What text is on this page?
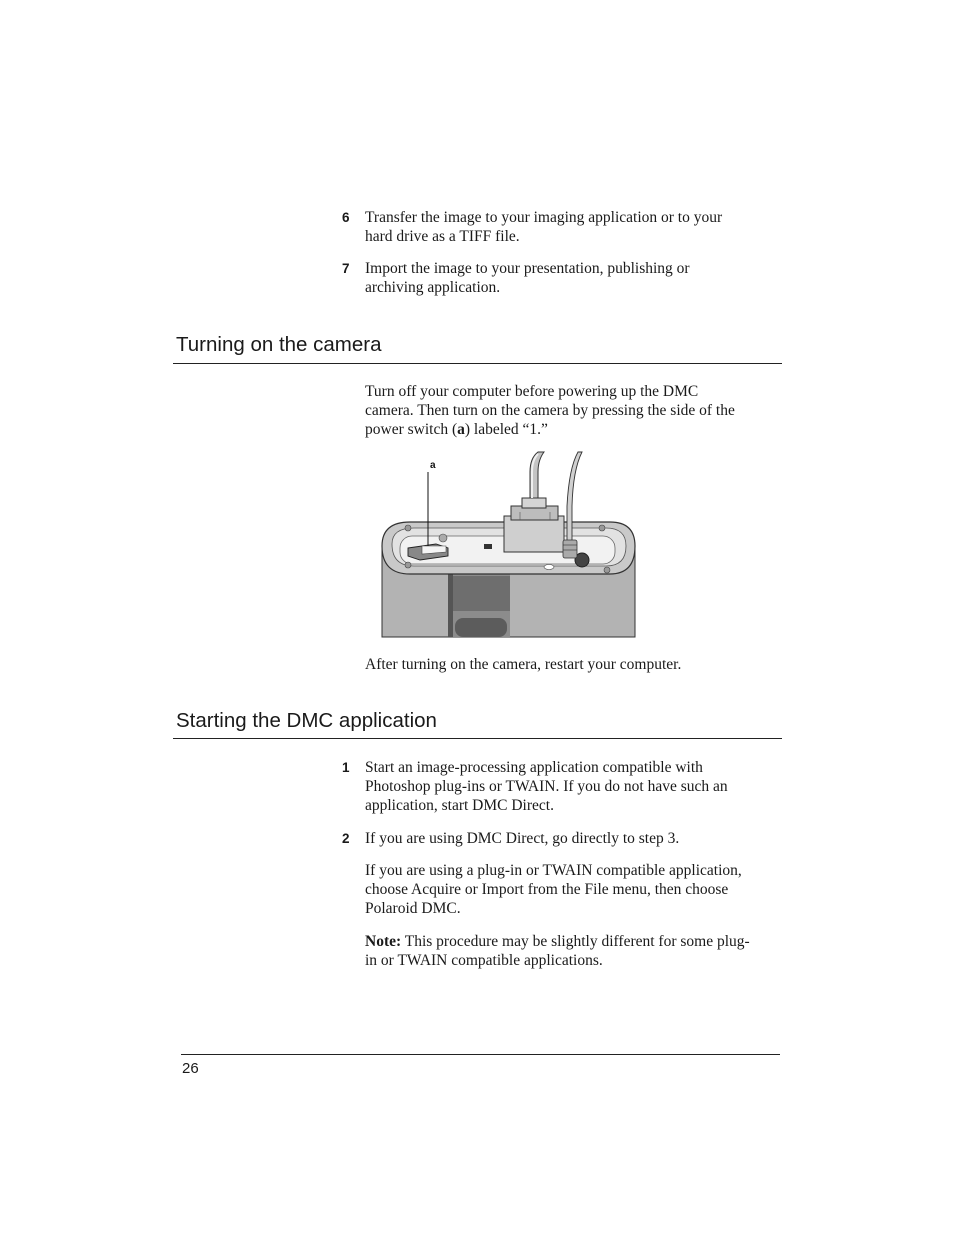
6 Transfer the image to your imaging application or to your
hard drive as a TIFF file.
7 Import the image to your presentation, publishing or
archiving application.
Turning on the camera
Turn off your computer before powering up the DMC
camera. Then turn on the camera by pressing the side of the
power switch (a) labeled “1.”
a
After turning on the camera, restart your computer.
Starting the DMC application
1 Start an image-processing application compatible with
Photoshop plug-ins or TWAIN. If you do not have such an
application, start DMC Direct.
2 If you are using DMC Direct, go directly to step 3.
If you are using a plug-in or TWAIN compatible application,
choose Acquire or Import from the File menu, then choose
Polaroid DMC.
Note: This procedure may be slightly different for some plug-
in or TWAIN compatible applications.
26
